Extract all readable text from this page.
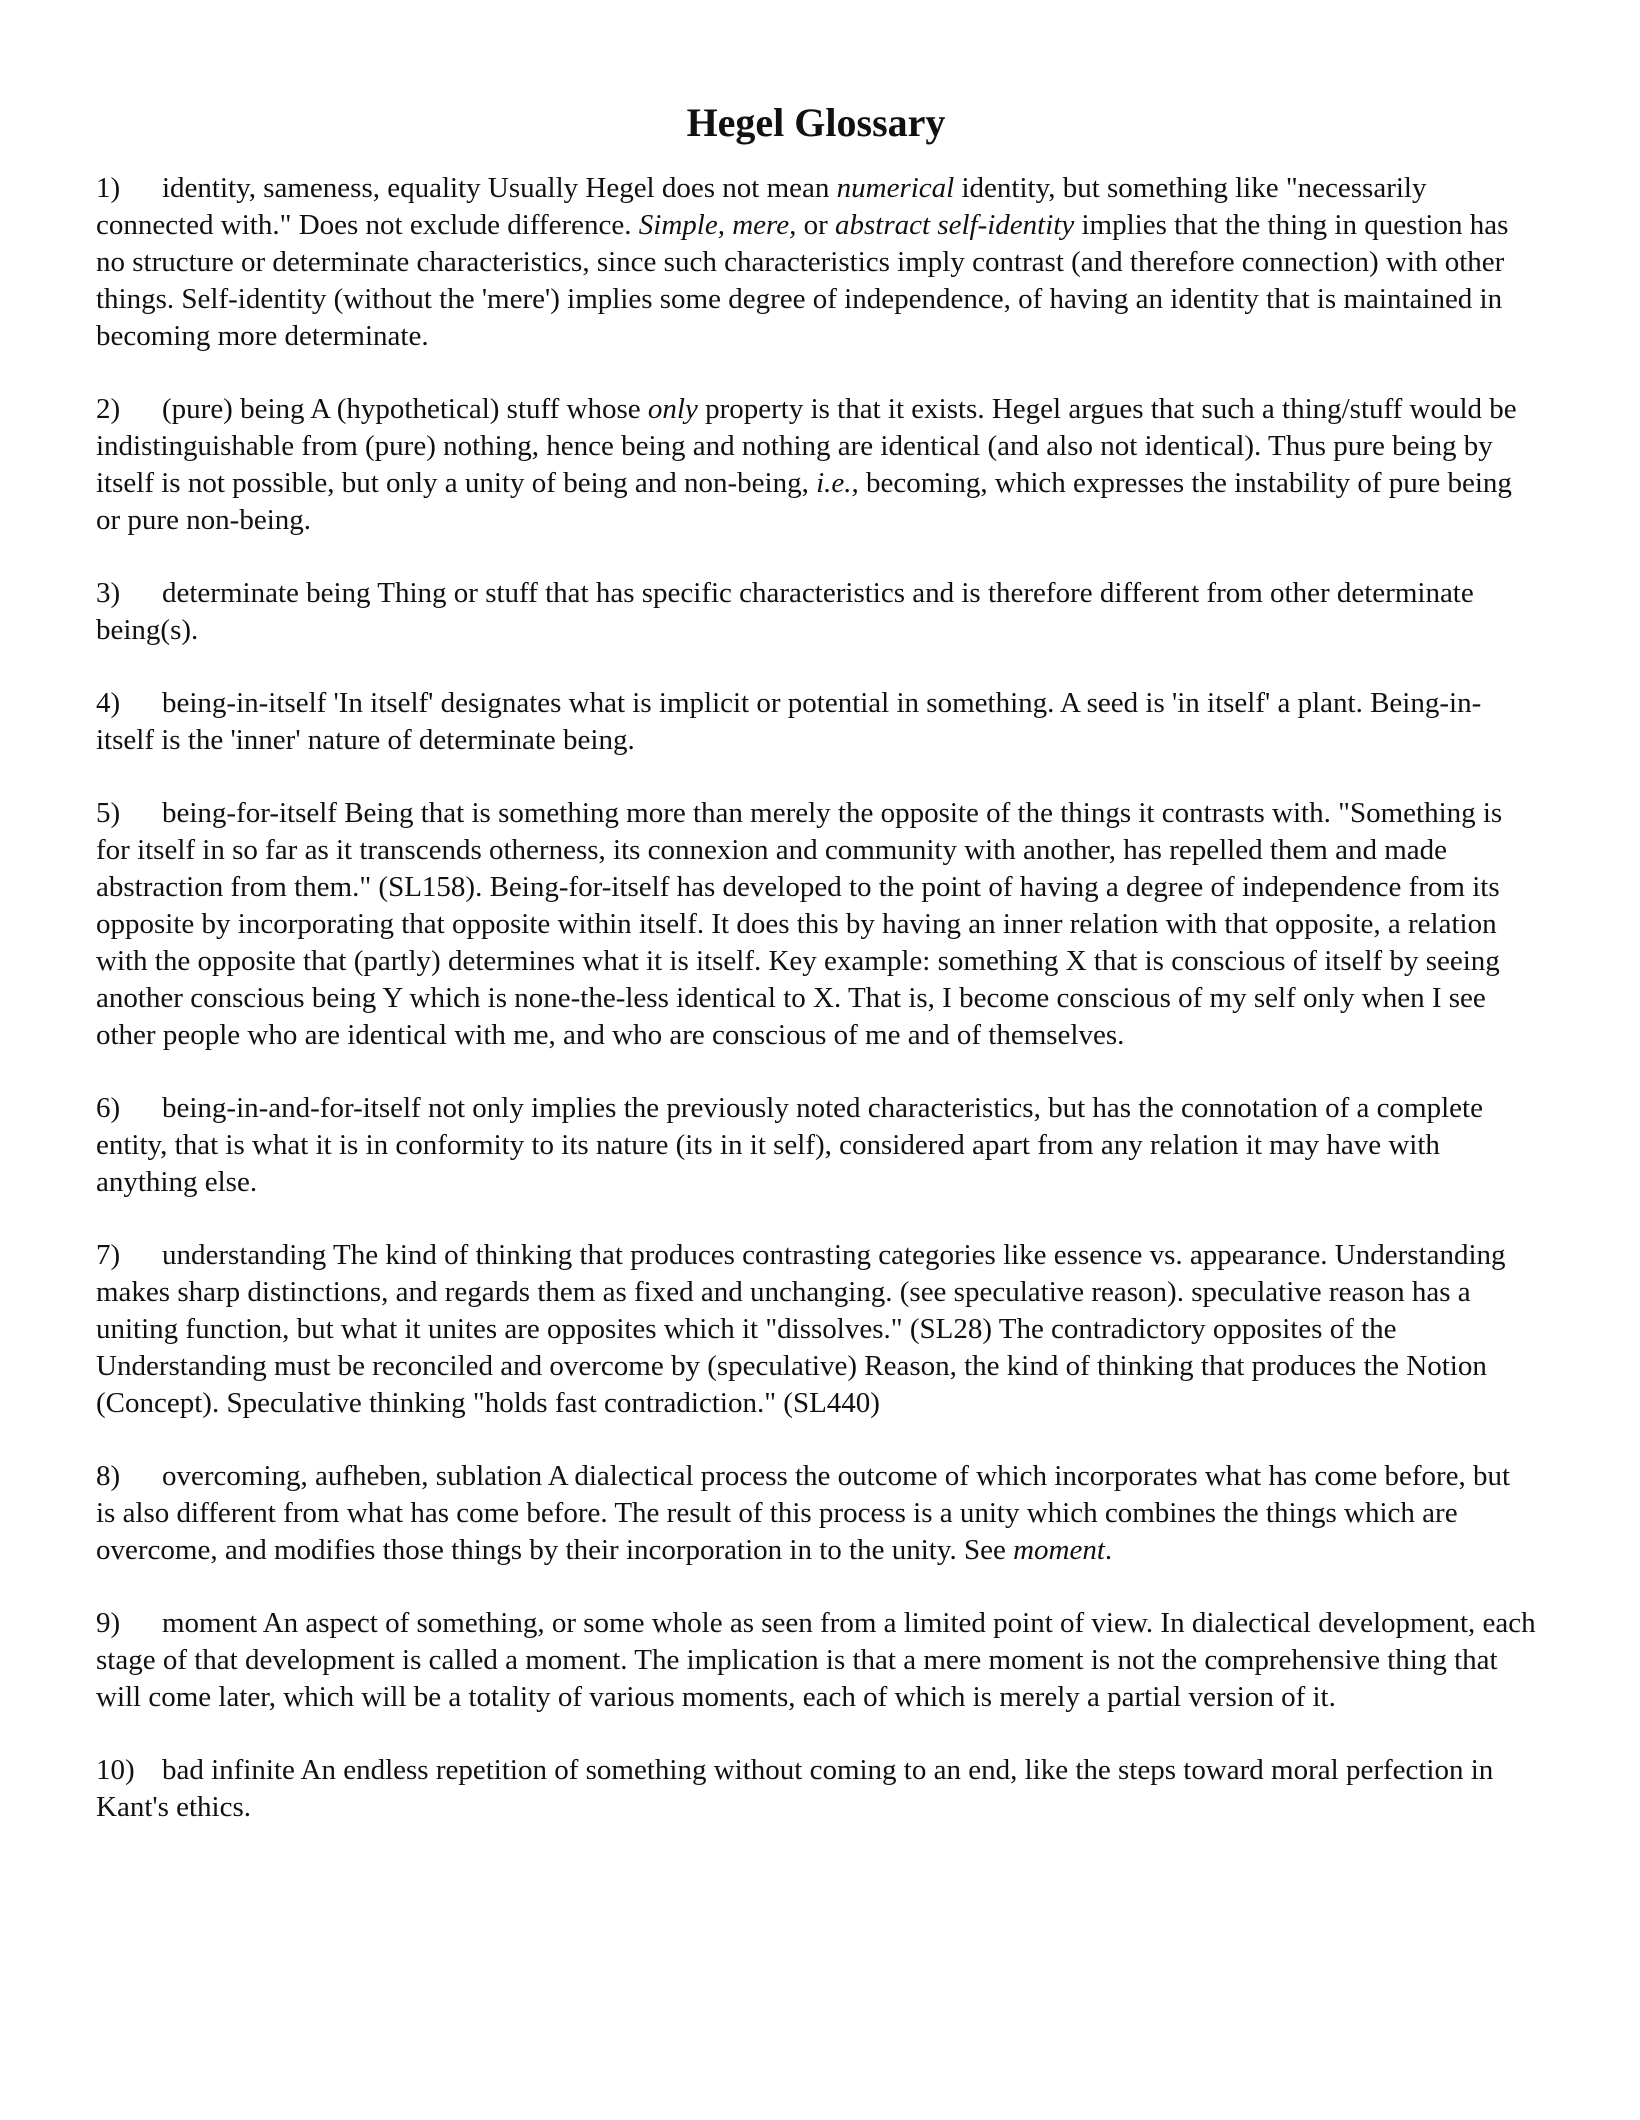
Hegel Glossary

1) identity, sameness, equality Usually Hegel does not mean numerical identity, but something like "necessarily connected with." Does not exclude difference. Simple, mere, or abstract self-identity implies that the thing in question has no structure or determinate characteristics, since such characteristics imply contrast (and therefore connection) with other things. Self-identity (without the 'mere') implies some degree of independence, of having an identity that is maintained in becoming more determinate.

2) (pure) being A (hypothetical) stuff whose only property is that it exists. Hegel argues that such a thing/stuff would be indistinguishable from (pure) nothing, hence being and nothing are identical (and also not identical). Thus pure being by itself is not possible, but only a unity of being and non-being, i.e., becoming, which expresses the instability of pure being or pure non-being.

3) determinate being Thing or stuff that has specific characteristics and is therefore different from other determinate being(s).

4) being-in-itself 'In itself' designates what is implicit or potential in something. A seed is 'in itself' a plant. Being-in-itself is the 'inner' nature of determinate being.

5) being-for-itself Being that is something more than merely the opposite of the things it contrasts with. "Something is for itself in so far as it transcends otherness, its connexion and community with another, has repelled them and made abstraction from them." (SL158). Being-for-itself has developed to the point of having a degree of independence from its opposite by incorporating that opposite within itself. It does this by having an inner relation with that opposite, a relation with the opposite that (partly) determines what it is itself. Key example: something X that is conscious of itself by seeing another conscious being Y which is none-the-less identical to X. That is, I become conscious of my self only when I see other people who are identical with me, and who are conscious of me and of themselves.

6) being-in-and-for-itself not only implies the previously noted characteristics, but has the connotation of a complete entity, that is what it is in conformity to its nature (its in it self), considered apart from any relation it may have with anything else.

7) understanding The kind of thinking that produces contrasting categories like essence vs. appearance. Understanding makes sharp distinctions, and regards them as fixed and unchanging. (see speculative reason). speculative reason has a uniting function, but what it unites are opposites which it "dissolves." (SL28) The contradictory opposites of the Understanding must be reconciled and overcome by (speculative) Reason, the kind of thinking that produces the Notion (Concept). Speculative thinking "holds fast contradiction." (SL440)

8) overcoming, aufheben, sublation A dialectical process the outcome of which incorporates what has come before, but is also different from what has come before. The result of this process is a unity which combines the things which are overcome, and modifies those things by their incorporation in to the unity. See moment.

9) moment An aspect of something, or some whole as seen from a limited point of view. In dialectical development, each stage of that development is called a moment. The implication is that a mere moment is not the comprehensive thing that will come later, which will be a totality of various moments, each of which is merely a partial version of it.

10) bad infinite An endless repetition of something without coming to an end, like the steps toward moral perfection in Kant's ethics.
